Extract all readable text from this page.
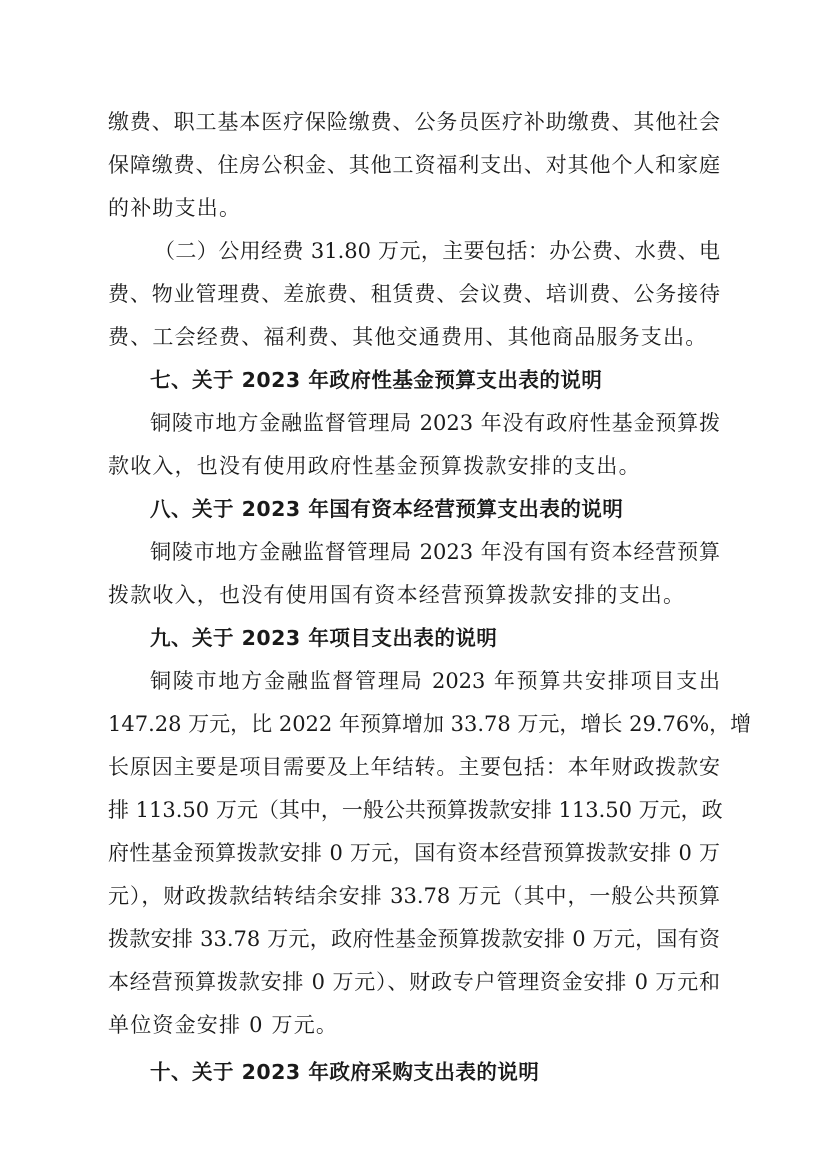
缴费、职工基本医疗保险缴费、公务员医疗补助缴费、其他社会
保障缴费、住房公积金、其他工资福利支出、对其他个人和家庭
的补助支出。
（二）公用经费 31.80 万元，主要包括：办公费、水费、电
费、物业管理费、差旅费、租赁费、会议费、培训费、公务接待
费、工会经费、福利费、其他交通费用、其他商品服务支出。
七、关于 2023 年政府性基金预算支出表的说明
铜陵市地方金融监督管理局 2023 年没有政府性基金预算拨
款收入，也没有使用政府性基金预算拨款安排的支出。
八、关于 2023 年国有资本经营预算支出表的说明
铜陵市地方金融监督管理局 2023 年没有国有资本经营预算
拨款收入，也没有使用国有资本经营预算拨款安排的支出。
九、关于 2023 年项目支出表的说明
铜陵市地方金融监督管理局 2023 年预算共安排项目支出
147.28 万元，比 2022 年预算增加 33.78 万元，增长 29.76%，增
长原因主要是项目需要及上年结转。主要包括：本年财政拨款安
排 113.50 万元（其中，一般公共预算拨款安排 113.50 万元，政
府性基金预算拨款安排 0 万元，国有资本经营预算拨款安排 0 万
元），财政拨款结转结余安排 33.78 万元（其中，一般公共预算
拨款安排 33.78 万元，政府性基金预算拨款安排 0 万元，国有资
本经营预算拨款安排 0 万元）、财政专户管理资金安排 0 万元和
单位资金安排 0 万元。
十、关于 2023 年政府采购支出表的说明
